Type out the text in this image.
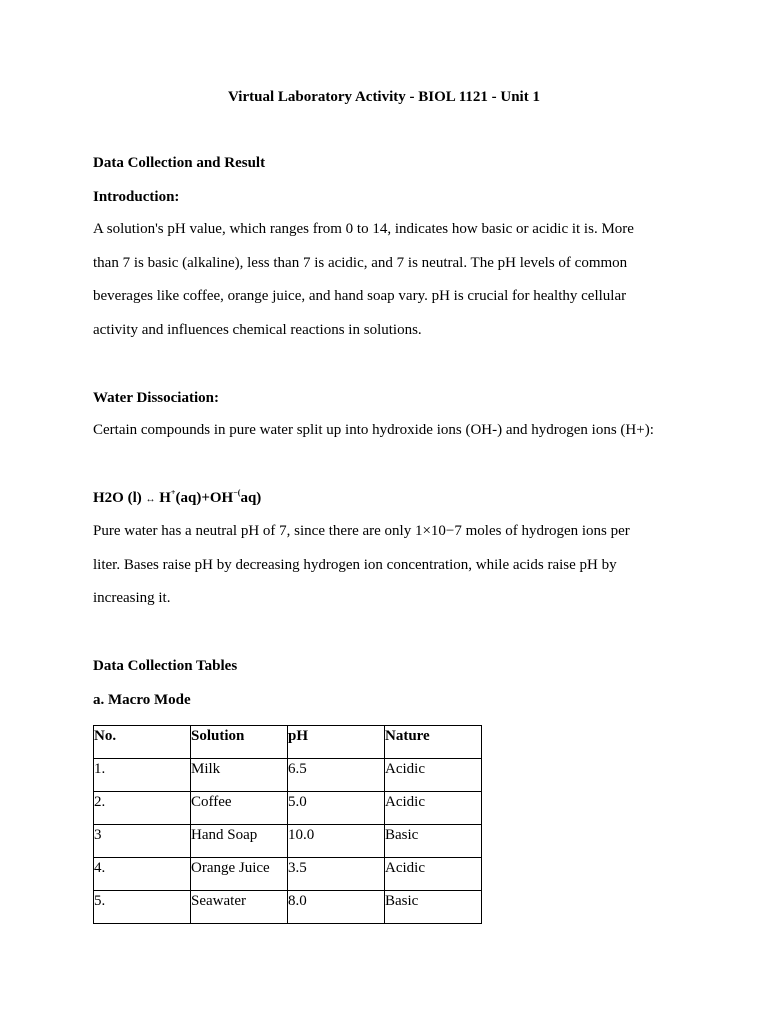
Virtual Laboratory Activity - BIOL 1121 - Unit 1
Data Collection and Result
Introduction:

A solution's pH value, which ranges from 0 to 14, indicates how basic or acidic it is. More
than 7 is basic (alkaline), less than 7 is acidic, and 7 is neutral. The pH levels of common
beverages like coffee, orange juice, and hand soap vary. pH is crucial for healthy cellular
activity and influences chemical reactions in solutions.

Water Dissociation:

Certain compounds in pure water split up into hydroxide ions (OH-) and hydrogen ions (H+):

H2O (l) ↔ H+(aq)+OH−(aq)

Pure water has a neutral pH of 7, since there are only 1×10−7 moles of hydrogen ions per
liter. Bases raise pH by decreasing hydrogen ion concentration, while acids raise pH by
increasing it.

Data Collection Tables
a. Macro Mode
No.	Solution	pH	Nature

1.	Milk	6.5	Acidic

2.	Coffee	5.0	Acidic

3	Hand Soap	10.0	Basic

4.	Orange Juice	3.5	Acidic

5.	Seawater	8.0	Basic
